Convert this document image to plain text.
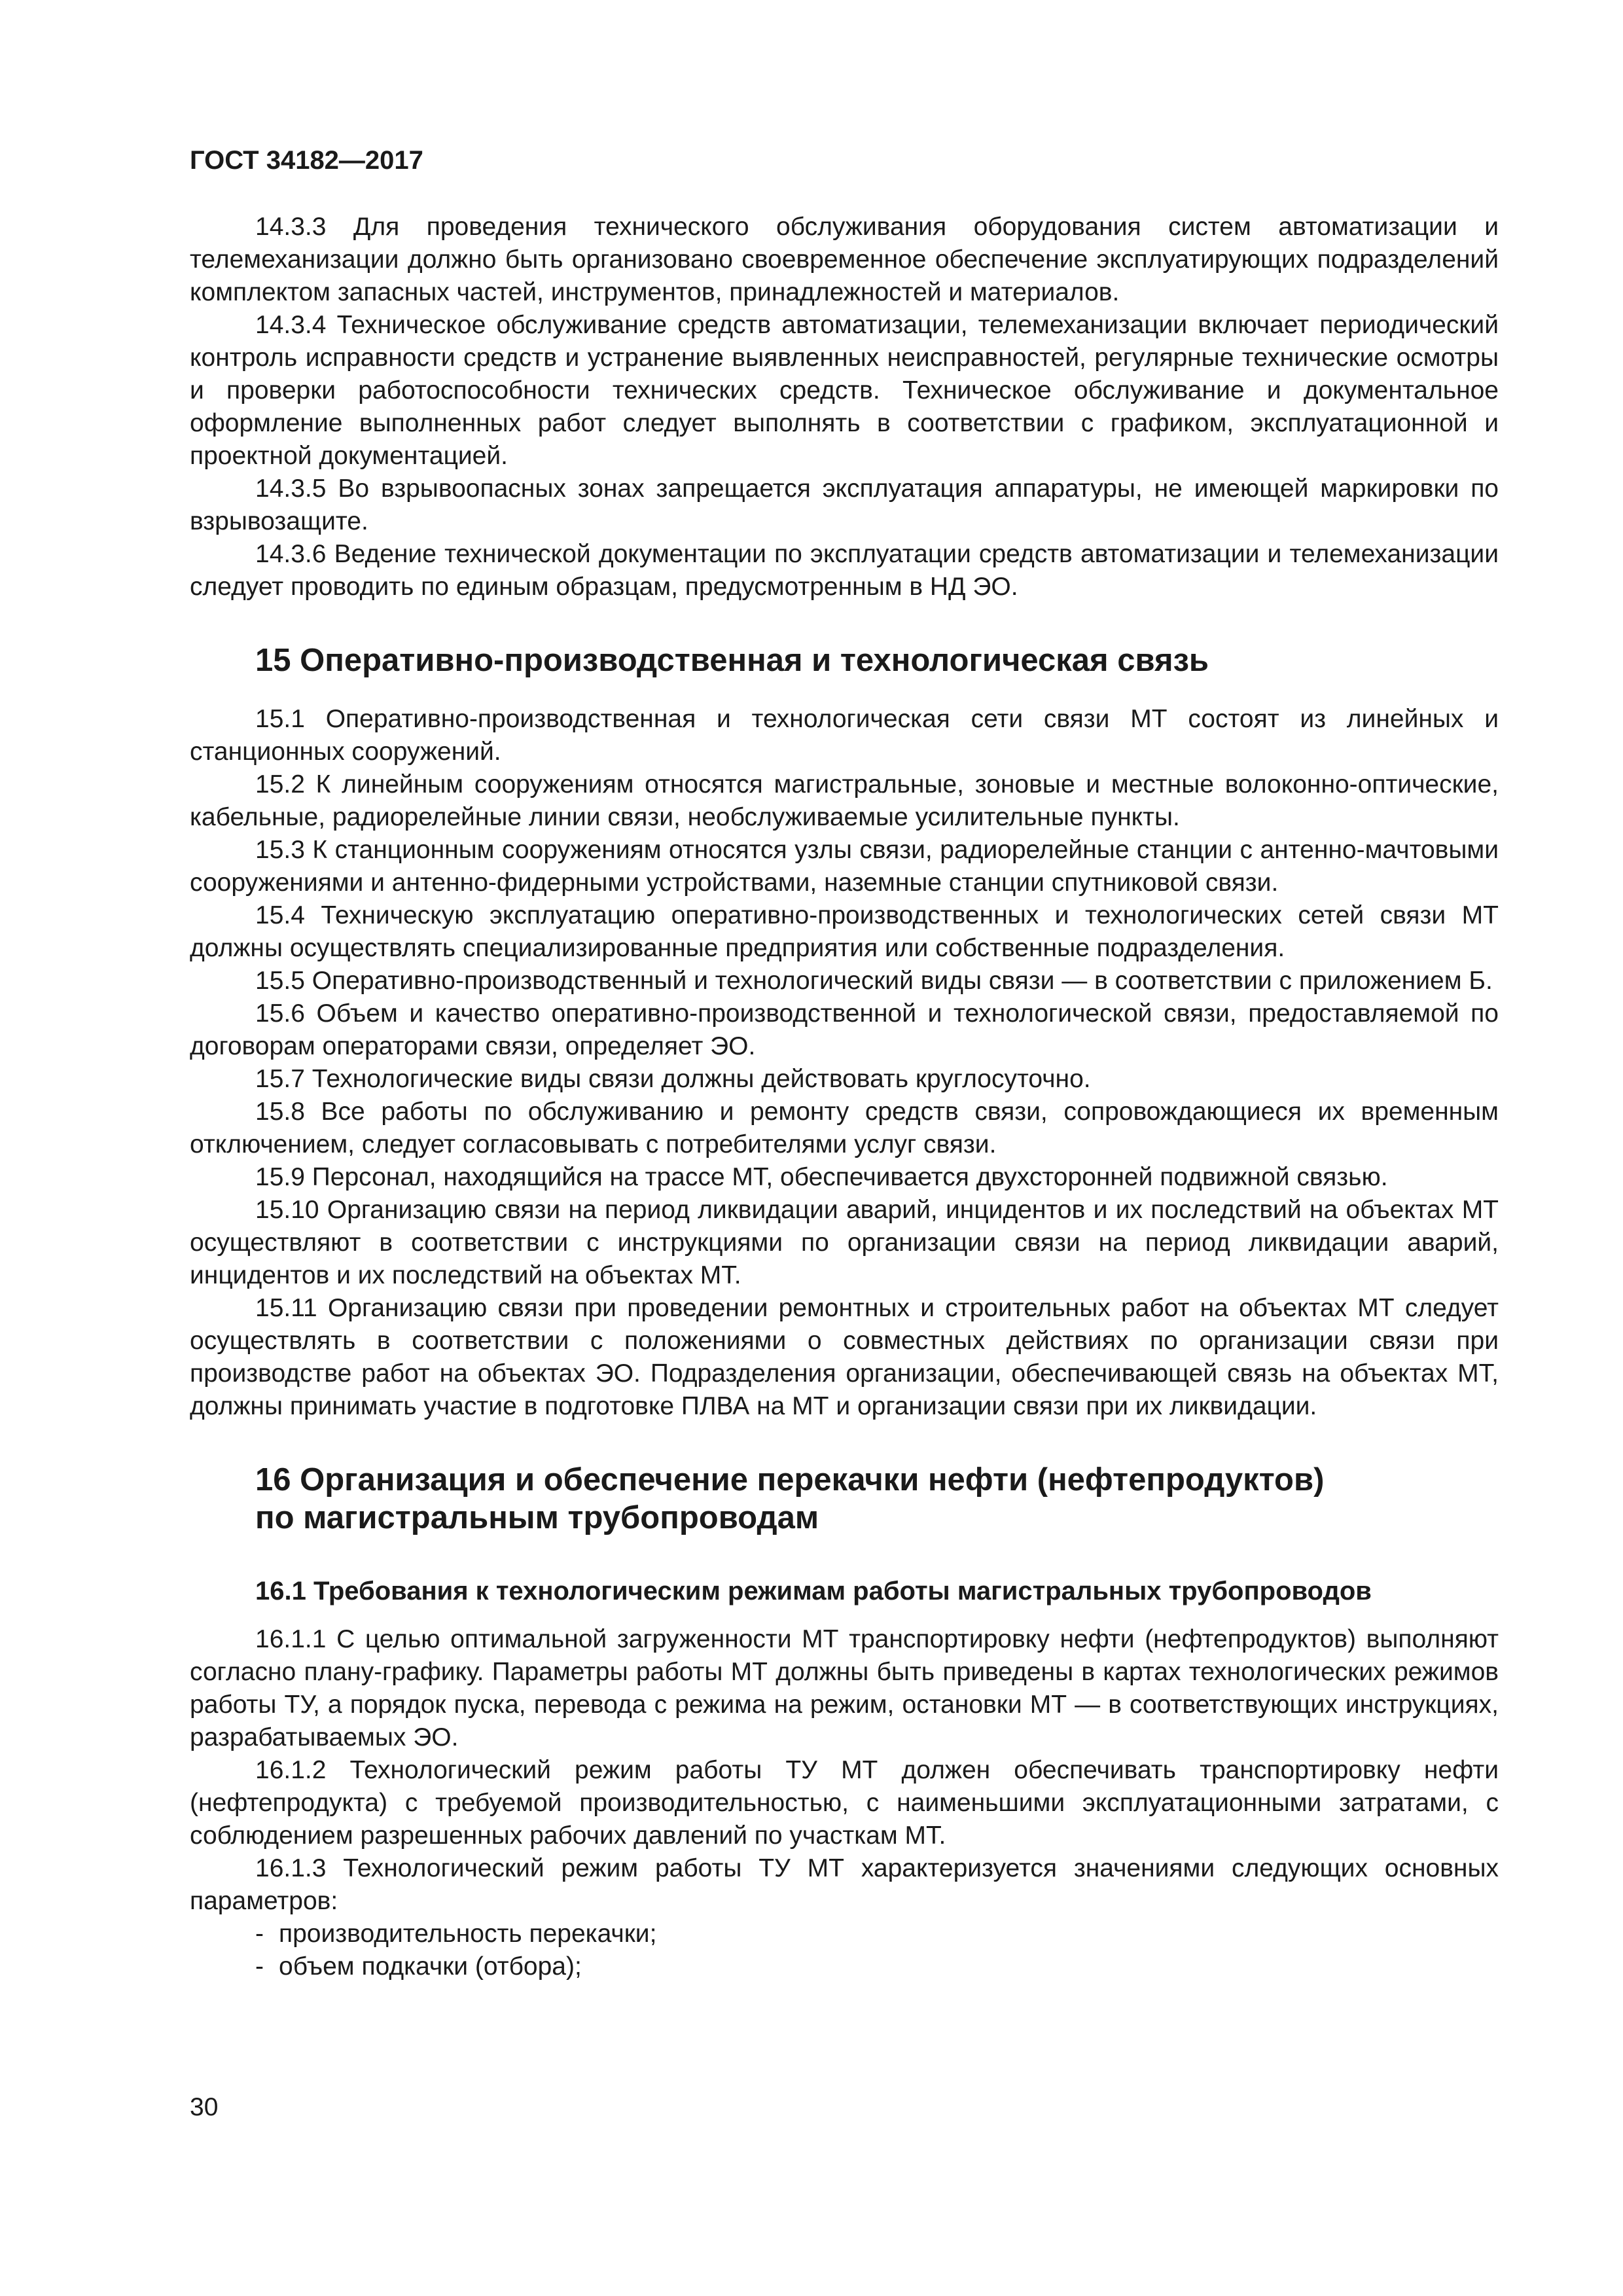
ГОСТ 34182—2017

14.3.3 Для проведения технического обслуживания оборудования систем автоматизации и телемеханизации должно быть организовано своевременное обеспечение эксплуатирующих подразделений комплектом запасных частей, инструментов, принадлежностей и материалов.

14.3.4 Техническое обслуживание средств автоматизации, телемеханизации включает периодический контроль исправности средств и устранение выявленных неисправностей, регулярные технические осмотры и проверки работоспособности технических средств. Техническое обслуживание и документальное оформление выполненных работ следует выполнять в соответствии с графиком, эксплуатационной и проектной документацией.

14.3.5 Во взрывоопасных зонах запрещается эксплуатация аппаратуры, не имеющей маркировки по взрывозащите.

14.3.6 Ведение технической документации по эксплуатации средств автоматизации и телемеханизации следует проводить по единым образцам, предусмотренным в НД ЭО.

15 Оперативно-производственная и технологическая связь

15.1 Оперативно-производственная и технологическая сети связи МТ состоят из линейных и станционных сооружений.

15.2 К линейным сооружениям относятся магистральные, зоновые и местные волоконно-оптические, кабельные, радиорелейные линии связи, необслуживаемые усилительные пункты.

15.3 К станционным сооружениям относятся узлы связи, радиорелейные станции с антенно-мачтовыми сооружениями и антенно-фидерными устройствами, наземные станции спутниковой связи.

15.4 Техническую эксплуатацию оперативно-производственных и технологических сетей связи МТ должны осуществлять специализированные предприятия или собственные подразделения.

15.5 Оперативно-производственный и технологический виды связи — в соответствии с приложением Б.

15.6 Объем и качество оперативно-производственной и технологической связи, предоставляемой по договорам операторами связи, определяет ЭО.

15.7 Технологические виды связи должны действовать круглосуточно.

15.8 Все работы по обслуживанию и ремонту средств связи, сопровождающиеся их временным отключением, следует согласовывать с потребителями услуг связи.

15.9 Персонал, находящийся на трассе МТ, обеспечивается двухсторонней подвижной связью.

15.10 Организацию связи на период ликвидации аварий, инцидентов и их последствий на объектах МТ осуществляют в соответствии с инструкциями по организации связи на период ликвидации аварий, инцидентов и их последствий на объектах МТ.

15.11 Организацию связи при проведении ремонтных и строительных работ на объектах МТ следует осуществлять в соответствии с положениями о совместных действиях по организации связи при производстве работ на объектах ЭО. Подразделения организации, обеспечивающей связь на объектах МТ, должны принимать участие в подготовке ПЛВА на МТ и организации связи при их ликвидации.

16 Организация и обеспечение перекачки нефти (нефтепродуктов)
по магистральным трубопроводам
16.1 Требования к технологическим режимам работы магистральных трубопроводов

16.1.1 С целью оптимальной загруженности МТ транспортировку нефти (нефтепродуктов) выполняют согласно плану-графику. Параметры работы МТ должны быть приведены в картах технологических режимов работы ТУ, а порядок пуска, перевода с режима на режим, остановки МТ — в соответствующих инструкциях, разрабатываемых ЭО.

16.1.2 Технологический режим работы ТУ МТ должен обеспечивать транспортировку нефти (нефтепродукта) с требуемой производительностью, с наименьшими эксплуатационными затратами, с соблюдением разрешенных рабочих давлений по участкам МТ.

16.1.3 Технологический режим работы ТУ МТ характеризуется значениями следующих основных параметров:

- производительность перекачки;

- объем подкачки (отбора);

30
